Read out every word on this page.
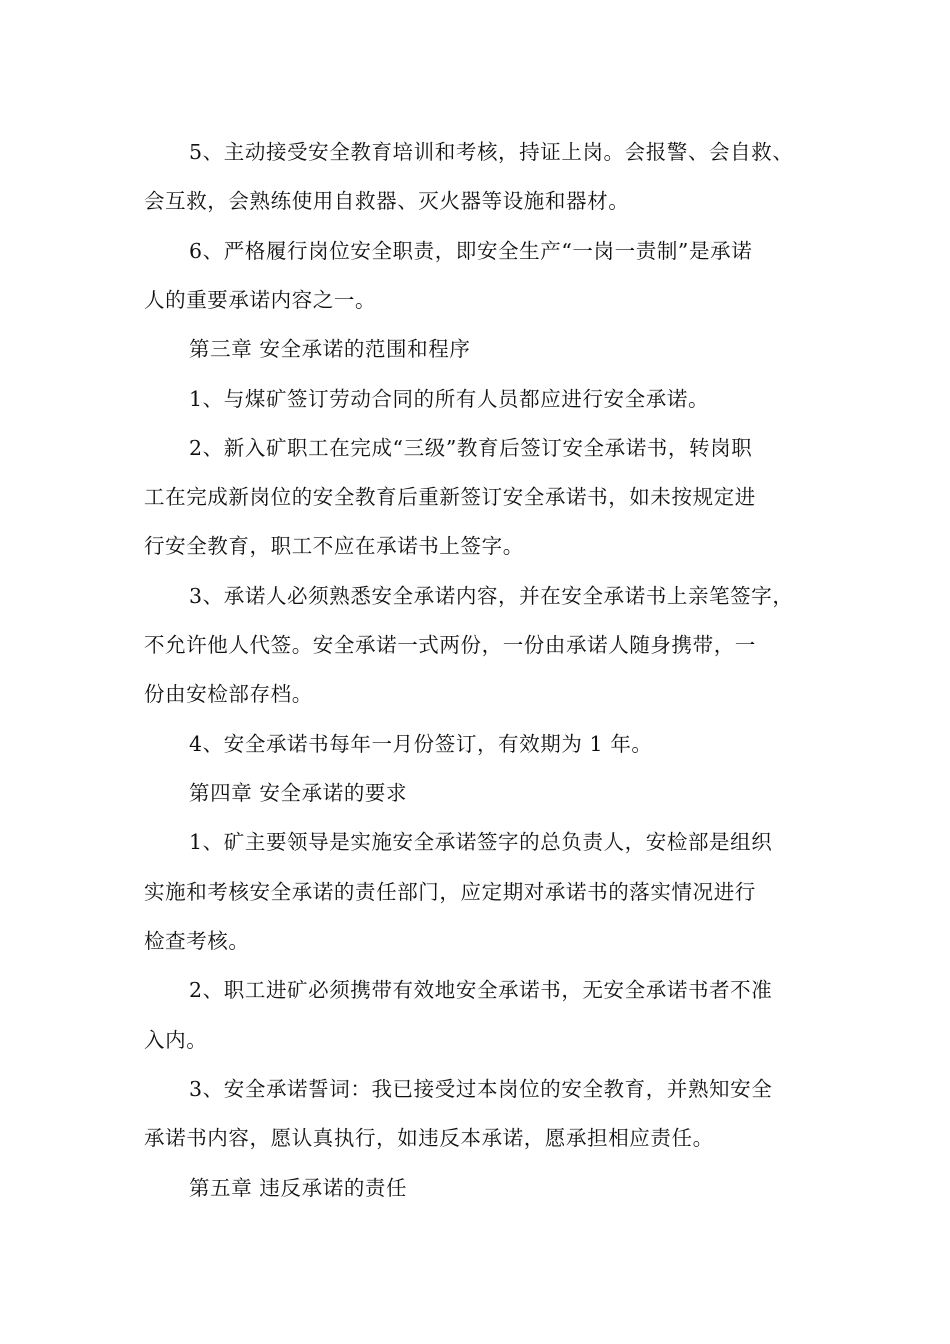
5、主动接受安全教育培训和考核，持证上岗。会报警、会自救、
会互救，会熟练使用自救器、灭火器等设施和器材。
6、严格履行岗位安全职责，即安全生产“一岗一责制”是承诺
人的重要承诺内容之一。
第三章 安全承诺的范围和程序
1、与煤矿签订劳动合同的所有人员都应进行安全承诺。
2、新入矿职工在完成“三级”教育后签订安全承诺书，转岗职
工在完成新岗位的安全教育后重新签订安全承诺书，如未按规定进
行安全教育，职工不应在承诺书上签字。
3、承诺人必须熟悉安全承诺内容，并在安全承诺书上亲笔签字，
不允许他人代签。安全承诺一式两份，一份由承诺人随身携带，一
份由安检部存档。
4、安全承诺书每年一月份签订，有效期为 1 年。
第四章 安全承诺的要求
1、矿主要领导是实施安全承诺签字的总负责人，安检部是组织
实施和考核安全承诺的责任部门，应定期对承诺书的落实情况进行
检查考核。
2、职工进矿必须携带有效地安全承诺书，无安全承诺书者不准
入内。
3、安全承诺誓词：我已接受过本岗位的安全教育，并熟知安全
承诺书内容，愿认真执行，如违反本承诺，愿承担相应责任。
第五章 违反承诺的责任
